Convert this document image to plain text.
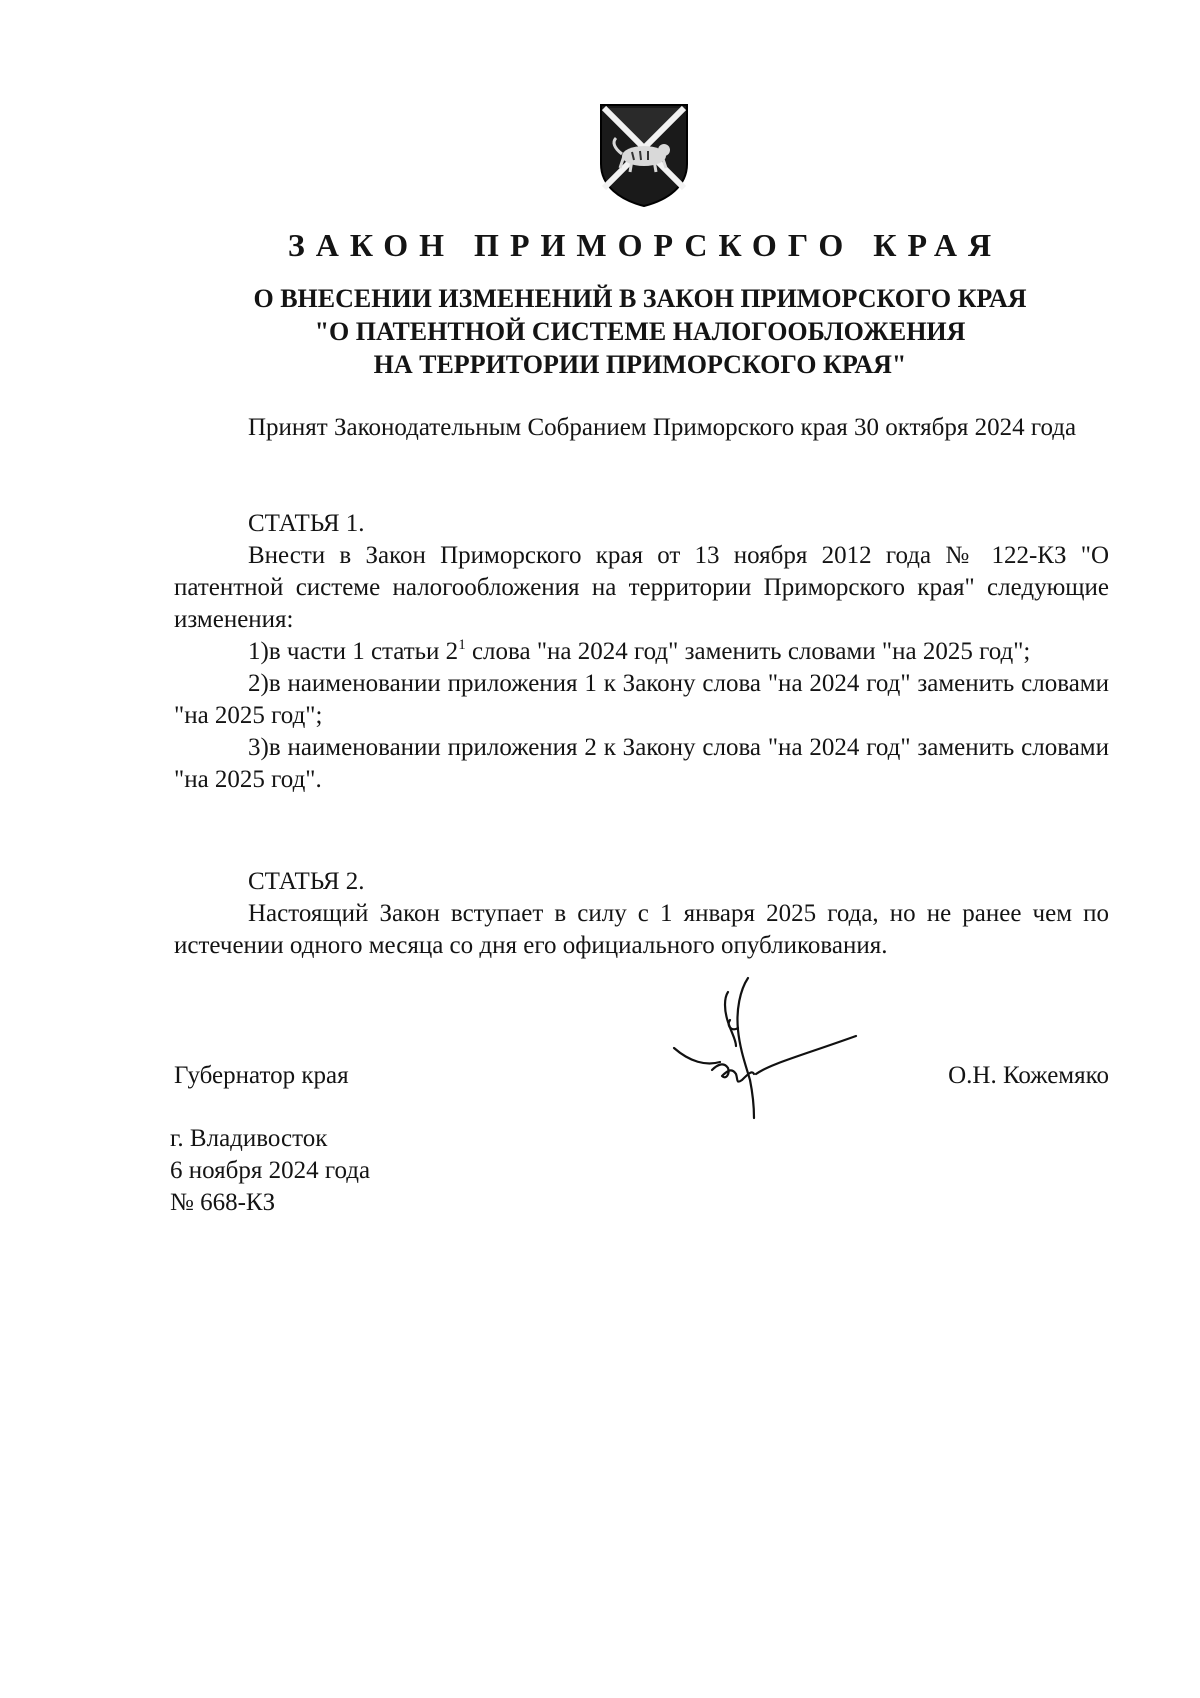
ЗАКОН ПРИМОРСКОГО КРАЯ
О ВНЕСЕНИИ ИЗМЕНЕНИЙ В ЗАКОН ПРИМОРСКОГО КРАЯ
"О ПАТЕНТНОЙ СИСТЕМЕ НАЛОГООБЛОЖЕНИЯ
НА ТЕРРИТОРИИ ПРИМОРСКОГО КРАЯ"

Принят Законодательным Собранием Приморского края 30 октября 2024 года

СТАТЬЯ 1.

Внести в Закон Приморского края от 13 ноября 2012 года № 122-КЗ "О патентной системе налогообложения на территории Приморского края" следующие изменения:

1)в части 1 статьи $2^1$ слова "на 2024 год" заменить словами "на 2025 год";

2)в наименовании приложения 1 к Закону слова "на 2024 год" заменить словами "на 2025 год";

3)в наименовании приложения 2 к Закону слова "на 2024 год" заменить словами "на 2025 год".

СТАТЬЯ 2.

Настоящий Закон вступает в силу с 1 января 2025 года, но не ранее чем по истечении одного месяца со дня его официального опубликования.

Губернатор края	О.Н. Кожемяко
г. Владивосток
6 ноября 2024 года
№ 668-КЗ
